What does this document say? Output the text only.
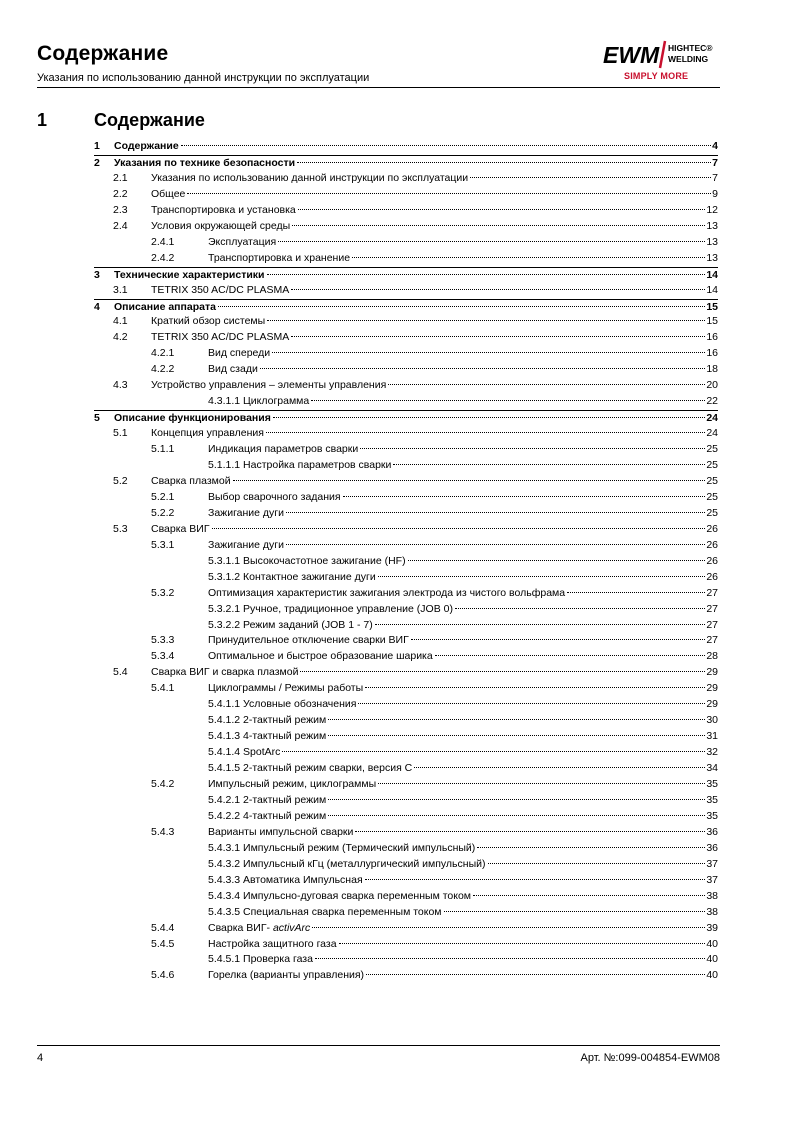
Содержание
Указания по использованию данной инструкции по эксплуатации
EWM HIGHTEC®
WELDING
SIMPLY MORE
1	Содержание
1	Содержание	4
2	Указания по технике безопасности	7
2.1	Указания по использованию данной инструкции по эксплуатации	7
2.2	Общее	9
2.3	Транспортировка и установка	12
2.4	Условия окружающей среды	13
2.4.1	Эксплуатация	13
2.4.2	Транспортировка и хранение	13
3	Технические характеристики	14
3.1	TETRIX 350 AC/DC PLASMA	14
4	Описание аппарата	15
4.1	Краткий обзор системы	15
4.2	TETRIX 350 AC/DC PLASMA	16
4.2.1	Вид спереди	16
4.2.2	Вид сзади	18
4.3	Устройство управления – элементы управления	20
4.3.1.1 Циклограмма	22
5	Описание функционирования	24
5.1	Концепция управления	24
5.1.1	Индикация параметров сварки	25
5.1.1.1 Настройка параметров сварки	25
5.2	Сварка плазмой	25
5.2.1	Выбор сварочного задания	25
5.2.2	Зажигание дуги	25
5.3	Сварка ВИГ	26
5.3.1	Зажигание дуги	26
5.3.1.1 Высокочастотное зажигание (HF)	26
5.3.1.2 Контактное зажигание дуги	26
5.3.2	Оптимизация характеристик зажигания электрода из чистого вольфрама	27
5.3.2.1 Ручное, традиционное управление (JOB 0)	27
5.3.2.2 Режим заданий (JOB 1 - 7)	27
5.3.3	Принудительное отключение сварки ВИГ	27
5.3.4	Оптимальное и быстрое образование шарика	28
5.4	Сварка ВИГ и сварка плазмой	29
5.4.1	Циклограммы / Режимы работы	29
5.4.1.1 Условные обозначения	29
5.4.1.2 2-тактный режим	30
5.4.1.3 4-тактный режим	31
5.4.1.4 SpotArc	32
5.4.1.5 2-тактный режим сварки, версия C	34
5.4.2	Импульсный режим, циклограммы	35
5.4.2.1 2-тактный режим	35
5.4.2.2 4-тактный режим	35
5.4.3	Варианты импульсной сварки	36
5.4.3.1 Импульсный режим (Термический импульсный)	36
5.4.3.2 Импульсный кГц (металлургический импульсный)	37
5.4.3.3 Автоматика Импульсная	37
5.4.3.4 Импульсно-дуговая сварка переменным током	38
5.4.3.5 Специальная сварка переменным током	38
5.4.4	Сварка ВИГ- activArc	39
5.4.5	Настройка защитного газа	40
5.4.5.1 Проверка газа	40
5.4.6	Горелка (варианты управления)	40
4	Арт. №:099-004854-EWM08
